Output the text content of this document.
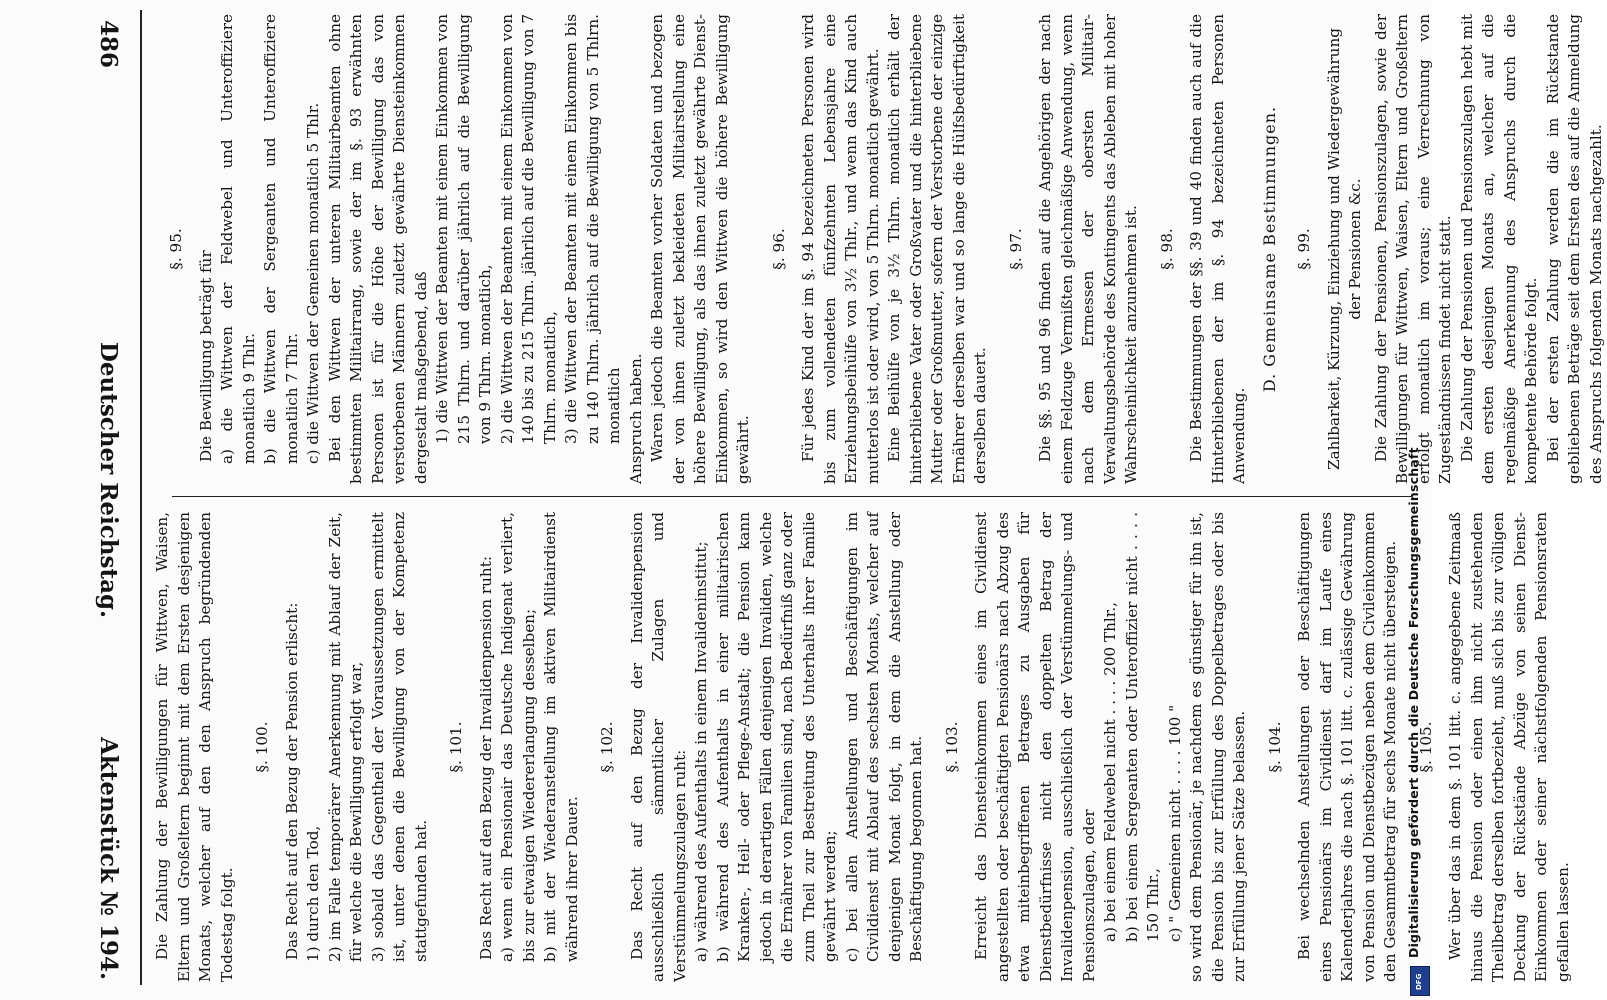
486
Deutscher Reichstag.
Aktenstück № 194.

§. 95.

Die Bewilligung beträgt für a) die Wittwen der Feldwebel und Unteroffiziere monatlich 9 Thlr. b) die Wittwen der Sergeanten und Unteroffiziere monatlich 7 Thlr. c) die Wittwen der Gemeinen monatlich 5 Thlr. Bei den Wittwen der unteren Militairbeamten ohne bestimmten Militairrang, sowie der im §. 93 erwähnten Personen ist für die Höhe der Bewilligung das von verstorbenen Männern zuletzt gewährte Diensteinkommen dergestalt maßgebend, daß 1) die Wittwen der Beamten mit einem Einkommen von 215 Thlrn. und darüber jährlich auf die Bewilligung von 9 Thlrn. monatlich, 2) die Wittwen der Beamten mit einem Einkommen von 140 bis zu 215 Thlrn. jährlich auf die Bewilligung von 7 Thlrn. monatlich, 3) die Wittwen der Beamten mit einem Einkommen bis zu 140 Thlrn. jährlich auf die Bewilligung von 5 Thlrn. monatlich Anspruch haben. Waren jedoch die Beamten vorher Soldaten und bezogen der von ihnen zuletzt bekleideten Militairstellung eine höhere Bewilligung, als das ihnen zuletzt gewährte Dienst-Einkommen, so wird den Wittwen die höhere Bewilligung gewährt.

§. 96. Für jedes Kind der im §. 94 bezeichneten Personen wird bis zum vollendeten fünfzehnten Lebensjahre eine Erziehungsbeihülfe von 3½ Thlr., und wenn das Kind auch mutterlos ist oder wird, von 5 Thlrn. monatlich gewährt. Eine Beihülfe von je 3½ Thlrn. monatlich erhält der hinterbliebene Vater oder Großvater und die hinterbliebene Mutter oder Großmutter, sofern der Verstorbene der einzige Ernährer derselben war und so lange die Hülfsbedürftigkeit derselben dauert.

§. 97. Die §§. 95 und 96 finden auf die Angehörigen der nach einem Feldzuge Vermißten gleichmäßige Anwendung, wenn nach dem Ermessen der obersten Militair-Verwaltungsbehörde des Kontingents das Ableben mit hoher Wahrscheinlichkeit anzunehmen ist. §. 98. Die Bestimmungen der §§. 39 und 40 finden auch auf die Hinterbliebenen der im §. 94 bezeichneten Personen Anwendung.

D. Gemeinsame Bestimmungen. §. 99. Zahlbarkeit, Kürzung, Einziehung und Wiedergewährung der Pensionen &c. Die Zahlung der Pensionen, Pensionszulagen, sowie der Bewilligungen für Wittwen, Waisen, Eltern und Großeltern erfolgt monatlich im voraus; eine Verrechnung von Zugeständnissen findet nicht statt. Die Zahlung der Pensionen und Pensionszulagen hebt mit dem ersten desjenigen Monats an, welcher auf die regelmäßige Anerkennung des Anspruchs durch die kompetente Behörde folgt. Bei der ersten Zahlung werden die im Rückstande gebliebenen Beträge seit dem Ersten des auf die Anmeldung des Anspruchs folgenden Monats nachgezahlt.

Die Zahlung der Bewilligungen für Wittwen, Waisen, Eltern und Großeltern beginnt mit dem Ersten desjenigen Monats, welcher auf den den Anspruch begründenden Todestag folgt.

§. 100. Das Recht auf den Bezug der Pension erlischt: 1) durch den Tod, 2) im Falle temporärer Anerkennung mit Ablauf der Zeit, für welche die Bewilligung erfolgt war, 3) sobald das Gegentheil der Voraussetzungen ermittelt ist, unter denen die Bewilligung von der Kompetenz stattgefunden hat.

§. 101. Das Recht auf den Bezug der Invalidenpension ruht: a) wenn ein Pensionair das Deutsche Indigenat verliert, bis zur etwaigen Wiedererlangung desselben; b) mit der Wiederanstellung im aktiven Militairdienst während ihrer Dauer.

§. 102. Das Recht auf den Bezug der Invalidenpension ausschließlich sämmtlicher Zulagen und Verstümmelungszulagen ruht: a) während des Aufenthalts in einem Invalideninstitut; b) während des Aufenthalts in einer militairischen Kranken-, Heil- oder Pflege-Anstalt; die Pension kann jedoch in derartigen Fällen denjenigen Invaliden, welche die Ernährer von Familien sind, nach Bedürfniß ganz oder zum Theil zur Bestreitung des Unterhalts ihrer Familie gewährt werden; c) bei allen Anstellungen und Beschäftigungen im Civildienst mit Ablauf des sechsten Monats, welcher auf denjenigen Monat folgt, in dem die Anstellung oder Beschäftigung begonnen hat. §. 103. Erreicht das Diensteinkommen eines im Civildienst angestellten oder beschäftigten Pensionärs nach Abzug des etwa miteinbegriffenen Betrages zu Ausgaben für Dienstbedürfnisse nicht den doppelten Betrag der Invalidenpension, ausschließlich der Verstümmelungs- und Pensionszulagen, oder a) bei einem Feldwebel nicht . . . . 200 Thlr., b) bei einem Sergeanten oder Unteroffizier nicht . . . . 150 Thlr., c) " Gemeinen nicht . . . . 100 " so wird dem Pensionär, je nachdem es günstiger für ihn ist, die Pension bis zur Erfüllung des Doppelbetrages oder bis zur Erfüllung jener Sätze belassen. §. 104. Bei wechselnden Anstellungen oder Beschäftigungen eines Pensionärs im Civildienst darf im Laufe eines Kalenderjahres die nach §. 101 litt. c. zulässige Gewährung von Pension und Dienstbezügen neben dem Civileinkommen den Gesammtbetrag für sechs Monate nicht übersteigen. §. 105. Wer über das in dem §. 101 litt. c. angegebene Zeitmaaß hinaus die Pension oder einen ihm nicht zustehenden Theilbetrag derselben fortbezieht, muß sich bis zur völligen Deckung der Rückstände Abzüge von seinen Dienst-Einkommen oder seiner nächstfolgenden Pensionsraten gefallen lassen.

Digitalisierung gefördert durch die Deutsche Forschungsgemeinschaft
DFG
